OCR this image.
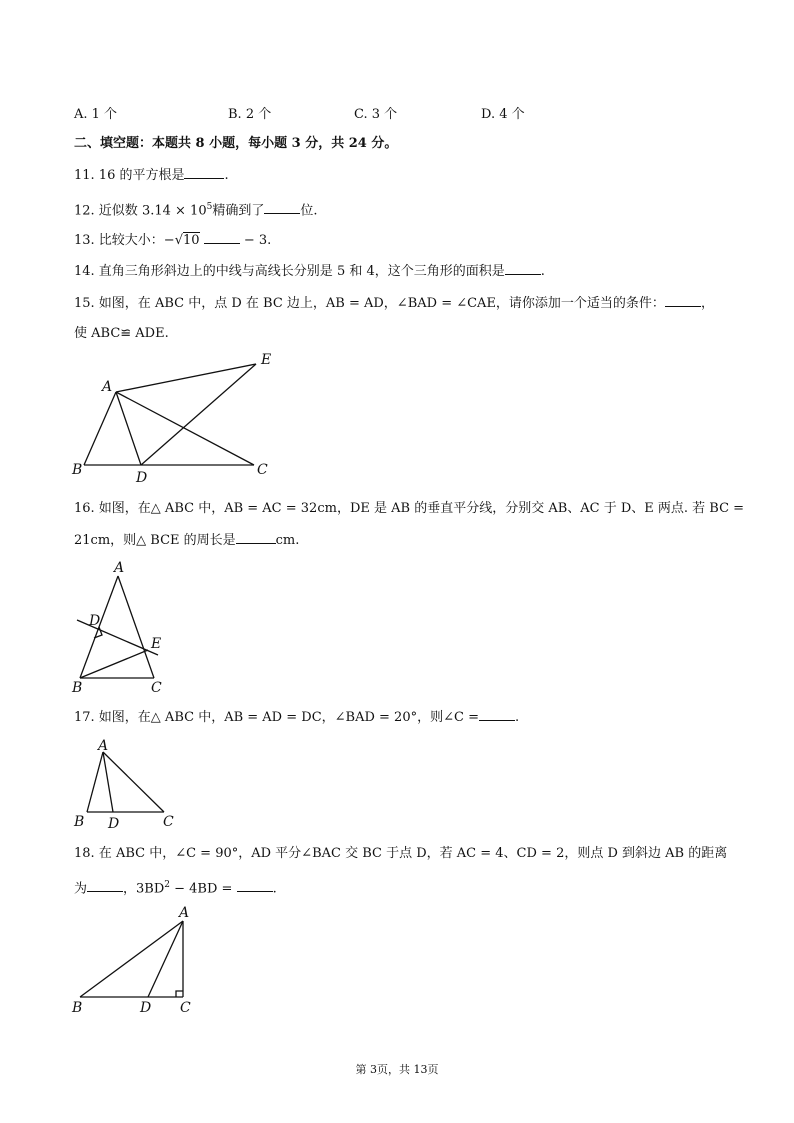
A. 1 个	B. 2 个	C. 3 个	D. 4 个
二、填空题：本题共 8 小题，每小题 3 分，共 24 分。
11. 16 的平方根是	.
12. 近似数 $3.14 \times 10^5$精确到了	位.
13. 比较大小：−√10	− 3.
14. 直角三角形斜边上的中线与高线长分别是 5 和 4，这个三角形的面积是	.
15. 如图，在 ABC 中，点 D 在 BC 边上，AB = AD，∠BAD = ∠CAE，请你添加一个适当的条件：	，
使 ABC≌ ADE.
A
B	C
D
E
16. 如图，在△ ABC 中，AB = AC = 32cm，DE 是 AB 的垂直平分线，分别交 AB、AC 于 D、E 两点. 若 BC =
21cm，则△ BCE 的周长是	cm.
A
B	C
D
E
17. 如图，在△ ABC 中，AB = AD = DC，∠BAD = 20°，则∠C =	.
A
B	C
D
18. 在 ABC 中，∠C = 90°，AD 平分∠BAC 交 BC 于点 D，若 AC = 4、CD = 2，则点 D 到斜边 AB 的距离
为	，$3BD^2 - 4BD$ =	.
A
B	C
D
第 3页，共 13页
